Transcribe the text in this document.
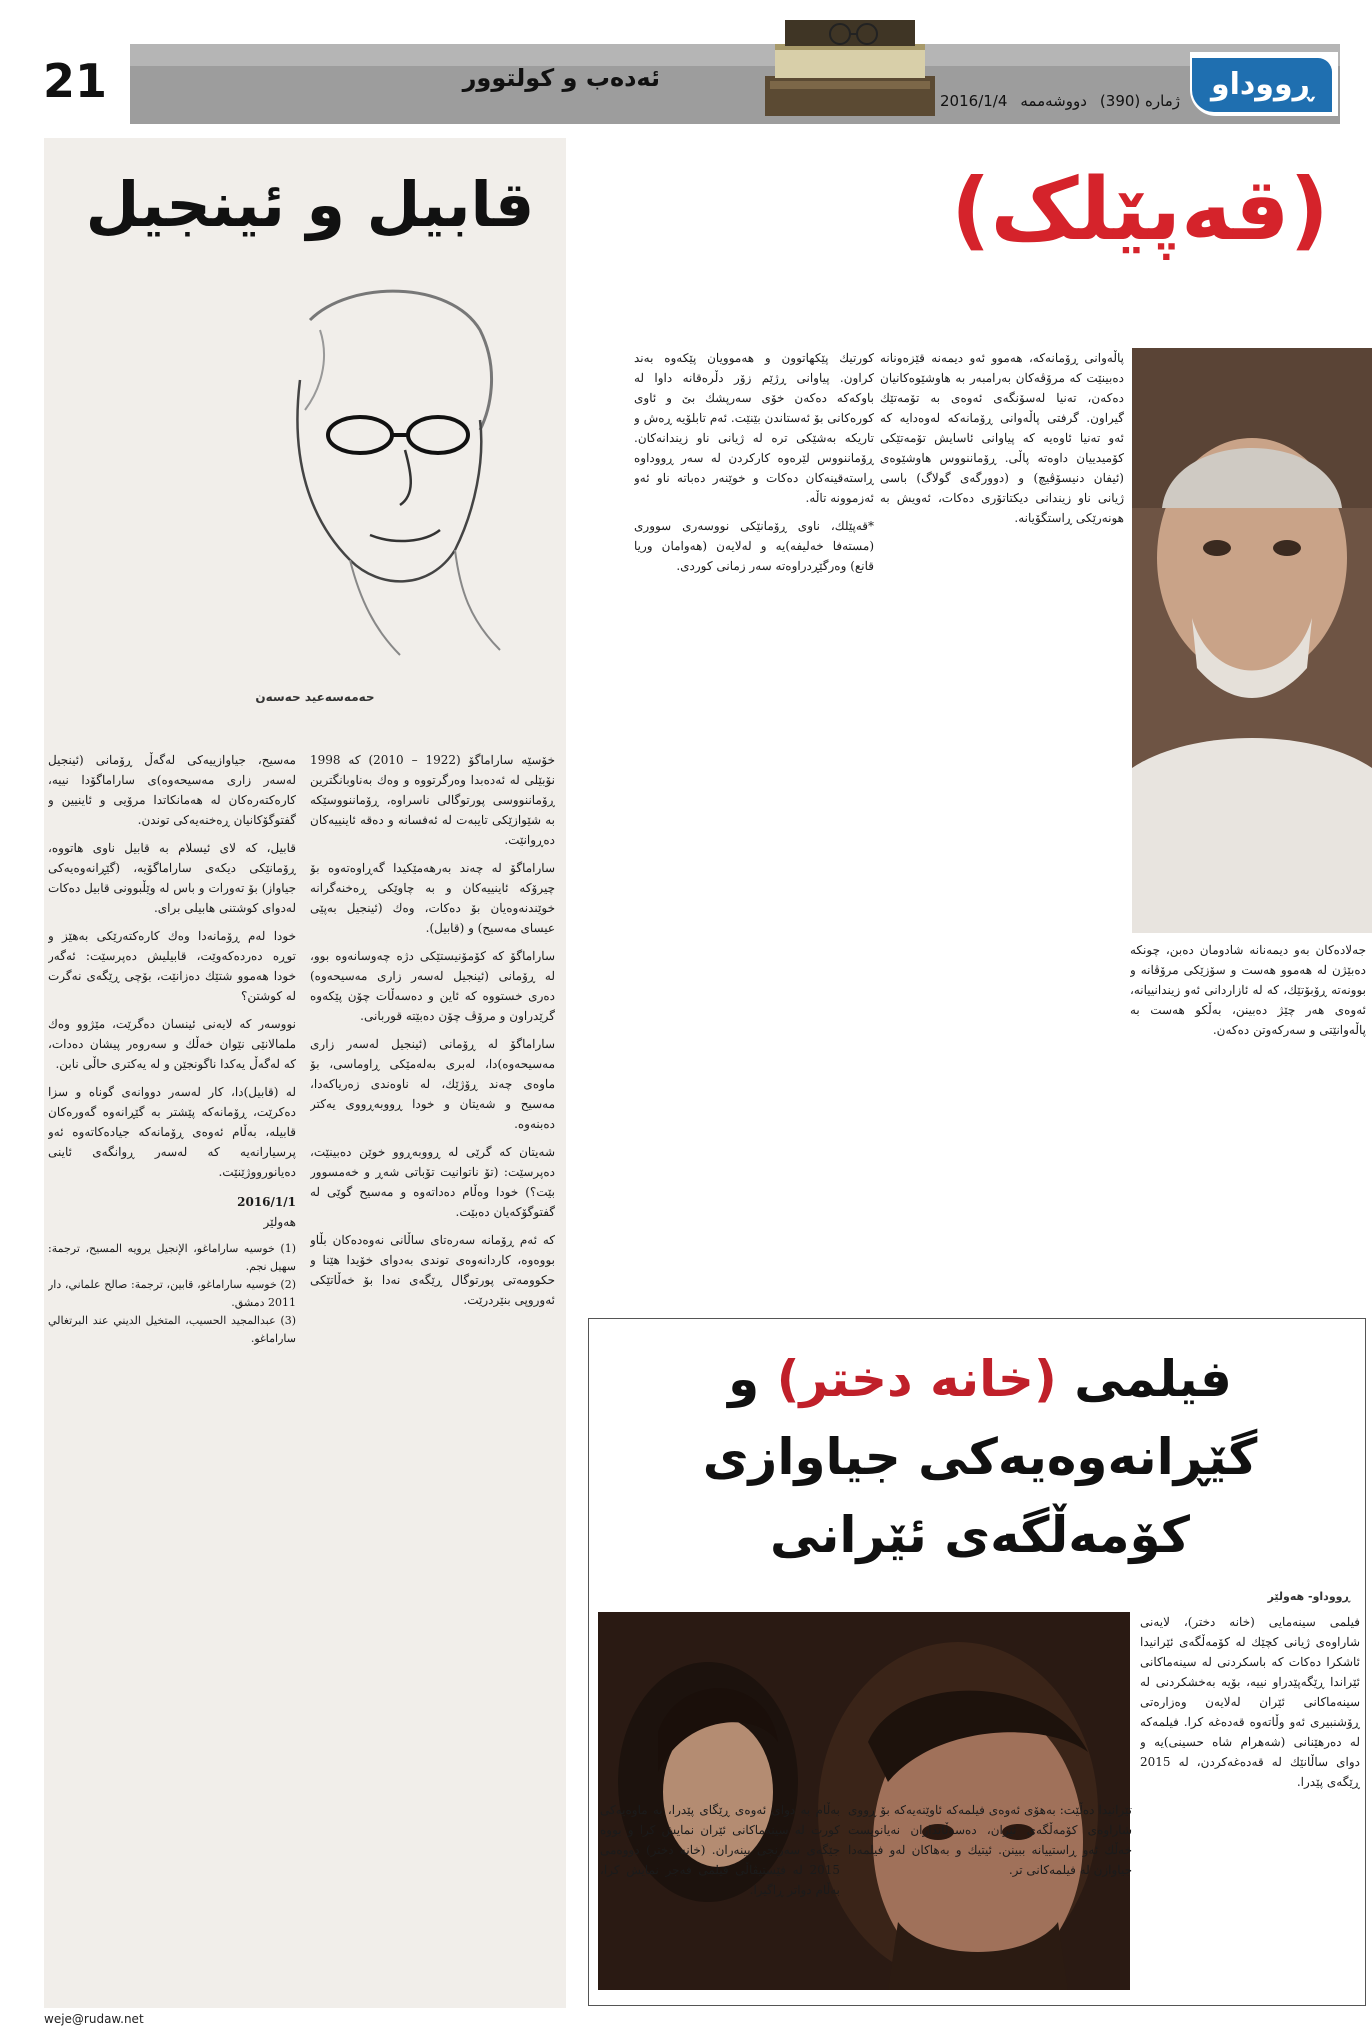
21	ئەدەب و كولتوور
ژمارە (390)
دووشەممە
2016/1/4	ڕووداو
قابیل و ئینجیل
حەمەسەعید حەسەن

خۆسێه ساراماگۆ (1922 – 2010) كە 1998 نۆبێلی لە ئەدەبدا وەرگرتووە و وەك بەناوبانگترین ڕۆماننووسی پورتوگالی ناسراوە، ڕۆماننووسێكە بە شێوازێكی تایبەت لە ئەفسانە و دەقە ئاینییەكان دەڕوانێت.

ساراماگۆ لە چەند بەرهەمێكیدا گەڕاوەتەوە بۆ چیرۆكە ئاینییەكان و بە چاوێكی ڕەخنەگرانە خوێندنەوەیان بۆ دەكات، وەك (ئینجیل بەپێی عیسای مەسیح) و (قابیل).

ساراماگۆ كە كۆمۆنیستێكی دژە چەوسانەوە بوو، لە ڕۆمانی (ئینجیل لەسەر زاری مەسیحەوە) دەری خستووە كە ئاین و دەسەڵات چۆن پێكەوە گرێدراون و مرۆڤ چۆن دەبێتە قوربانی.

ساراماگۆ لە ڕۆمانی (ئینجیل لەسەر زاری مەسیحەوە)دا، لەبری بەلەمێكی ڕاوماسی، بۆ ماوەی چەند ڕۆژێك، لە ناوەندی زەریاكەدا، مەسیح و شەیتان و خودا ڕووبەڕووی یەكتر دەبنەوە.

شەیتان كە گرێی لە ڕووبەڕوو خوێن دەبینێت، دەپرسێت: (تۆ ناتوانیت تۆباتی شەڕ و خەمسوور بێت؟) خودا وەڵام دەداتەوە و مەسیح گوێی لە گفتوگۆكەیان دەبێت.

كە ئەم ڕۆمانە سەرەتای ساڵانی نەوەدەكان بڵاو بووەوە، كاردانەوەی توندی بەدوای خۆیدا هێنا و حكوومەتی پورتوگال ڕێگەی نەدا بۆ خەڵاتێكی ئەوروپی بنێردرێت.

مەسیح، جیاوازییەكی لەگەڵ ڕۆمانی (ئینجیل لەسەر زاری مەسیحەوە)ی ساراماگۆدا نییە، كارەكتەرەكان لە هەمانكاتدا مرۆیی و ئاینیین و گفتوگۆكانیان ڕەخنەیەكی توندن.

قابیل، كە لای ئیسلام بە قابیل ناوی هاتووە، ڕۆمانێكی دیكەی ساراماگۆیە، (گێڕانەوەیەكی جیاواز) بۆ تەورات و باس لە وێڵبوونی قابیل دەكات لەدوای كوشتنی هابیلی برای.

خودا لەم ڕۆمانەدا وەك كارەكتەرێكی بەهێز و توڕە دەردەكەوێت، قابیلیش دەپرسێت: ئەگەر خودا هەموو شتێك دەزانێت، بۆچی ڕێگەی نەگرت لە كوشتن؟

نووسەر كە لایەنی ئینسان دەگرێت، مێژوو وەك ملمالانێی نێوان خەڵك و سەروەر پیشان دەدات، كە لەگەڵ یەكدا ناگونجێن و لە یەكتری حاڵی نابن.

لە (قابیل)دا، كار لەسەر دووانەی گوناه و سزا دەكرێت، ڕۆمانەكە پێشتر بە گێڕانەوە گەورەكان قابیلە، بەڵام ئەوەی ڕۆمانەكە جیادەكاتەوە ئەو پرسیارانەیە كە لەسەر ڕوانگەی ئاینی دەیانورووژێنێت.

2016/1/1

هەولێر

(1) خوسیه ساراماغو، الإنجیل یرویه المسیح، ترجمة: سهیل نجم.

(2) خوسیه ساراماغو، قابین، ترجمة: صالح علماني، دار 2011 دمشق.

(3) عبدالمجید الحسیب، المتخیل الدیني عند البرتغالي ساراماغو.

(قەپێلک)

جەلادەكان بەو دیمەنانە شادومان دەبن، چونكە دەبێژن لە هەموو هەست و سۆزێكی مرۆڤانە و بوونەتە ڕۆبۆتێك، كە لە ئازاردانی ئەو زیندانییانە، ئەوەی هەر چێژ دەبینن، بەڵكو هەست بە پاڵەوانێتی و سەركەوتن دەكەن.

پاڵەوانی ڕۆمانەكە، هەموو ئەو دیمەنە قێزەونانە دەبینێت كە مرۆڤەكان بەرامبەر بە هاوشێوەكانیان دەكەن، تەنیا لەسۆنگەی ئەوەی بە تۆمەتێك گیراون. گرفتی پاڵەوانی ڕۆمانەكە لەوەدایە كە ئەو تەنیا ئاوەیە كە پیاوانی ئاسایش تۆمەتێكی كۆمیدییان داوەتە پاڵی. ڕۆماننووس هاوشێوەی (ئیفان دنیسۆڤیچ) و (دوورگەی گولاگ) باسی ژیانی ناو زیندانی دیكتاتۆری دەكات، ئەویش بە هونەرێكی ڕاستگۆیانە.

كورتيك پێكهاتوون و هەموویان پێكەوە بەند كراون. پیاوانی ڕژێم زۆر دڵرەقانە داوا لە باوكەكە دەكەن خۆی سەرپشك بێ و ئاوی كورەكانی بۆ ئەستاندن بێنێت. ئەم تابلۆیە ڕەش و تاریكە بەشێكی ترە لە ژیانی ناو زیندانەكان. ڕۆماننووس لێرەوە كاركردن لە سەر ڕووداوە ڕاستەقینەكان دەكات و خوێنەر دەباتە ناو ئەو ئەزموونە تاڵە.

*قەپێلك، ناوی ڕۆمانێكی نووسەری سووری (مستەفا خەلیفە)یە و لەلایەن (هەوامان وریا قانع) وەرگێڕدراوەتە سەر زمانی كوردی.

فیلمی (خانە دختر) و
گێڕانەوەیەكی جیاوازی
كۆمەڵگەی ئێرانی
ڕووداو- هەولێر

فیلمی سینەمایی (خانە دختر)، لایەنی شاراوەی ژیانی كچێك لە كۆمەڵگەی ئێرانیدا ئاشكرا دەكات كە باسكردنی لە سینەماکانی ئێراندا ڕێگەپێدراو نییە، بۆیە بەخشكردنی لە سینەماكانی ئێران لەلایەن وەزارەتی ڕۆشنبیری ئەو وڵاتەوە قەدەغە كرا. فیلمەكە لە دەرهێنانی (شەهرام شاه حسینی)یە و دوای ساڵانێك لە قەدەغەكردن، لە 2015 ڕێگەی پێدرا.

تێرانیدا دەڵێت: بەهۆی ئەوەی فیلمەكە ئاوێنەیەكە بۆ ڕووی شاراوەی كۆمەڵگەی ئێران، دەسەڵاتداران نەیانویست خەڵك ئەو ڕاستییانە ببینن. ئیتیك و بەهاكان لەو فیلمەدا جیاوازن لە فیلمەكانی تر.

بەڵام بە دوای ئەوەی ڕێگای پێدرا، بە ماوەیەكی كورت لە سینەماكانی ئێران نمایش كرا و بووە جێگەی سەرنجی بینەران. (خانە دختر) دووەمی 2015 لە فێستیڤاڵی فیلمی فەجر نمایش كرا، بەڵام دواتر ڕاگیرا.

weje@rudaw.net
